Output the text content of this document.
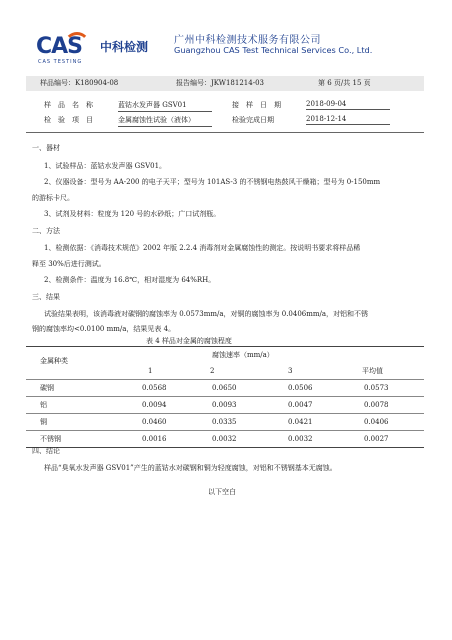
CAS 中科检测
CAS TESTING
广州中科检测技术服务有限公司
Guangzhou CAS Test Technical Services Co., Ltd.
样品编号：K180904-08	报告编号：JKW181214-03	第 6 页/共 15 页
样　品　名　称	蓝钴水发声器 GSV01	接　样　日　期	2018-09-04
检　验　项　目	金属腐蚀性试验（液体）	检验完成日期	2018-12-14
一、器材
1、试验样品：蓝钴水发声器 GSV01。
2、仪器设备：型号为 AA-200 的电子天平；型号为 101AS-3 的不锈钢电热鼓风干燥箱；型号为 0-150mm
的游标卡尺。
3、试剂及材料：粒度为 120 号的水砂纸；广口试剂瓶。
二、方法
1、检测依据：《消毒技术规范》2002 年版 2.2.4 消毒剂对金属腐蚀性的测定。按说明书要求将样品稀
释至 30%后进行测试。
2、检测条件：温度为 16.8℃，相对湿度为 64%RH。
三、结果
试验结果表明，该消毒液对碳钢的腐蚀率为 0.0573mm/a，对铜的腐蚀率为 0.0406mm/a，对铝和不锈
钢的腐蚀率均<0.0100 mm/a，结果见表 4。
表 4 样品对金属的腐蚀程度
金属种类
腐蚀速率（mm/a）
1	2	3	平均值
碳钢	0.0568	0.0650	0.0506	0.0573
铝	0.0094	0.0093	0.0047	0.0078
铜	0.0460	0.0335	0.0421	0.0406
不锈钢	0.0016	0.0032	0.0032	0.0027
四、结论
样品“臭氧水发声器 GSV01”产生的蓝钴水对碳钢和铜为轻度腐蚀，对铝和不锈钢基本无腐蚀。
以下空白
